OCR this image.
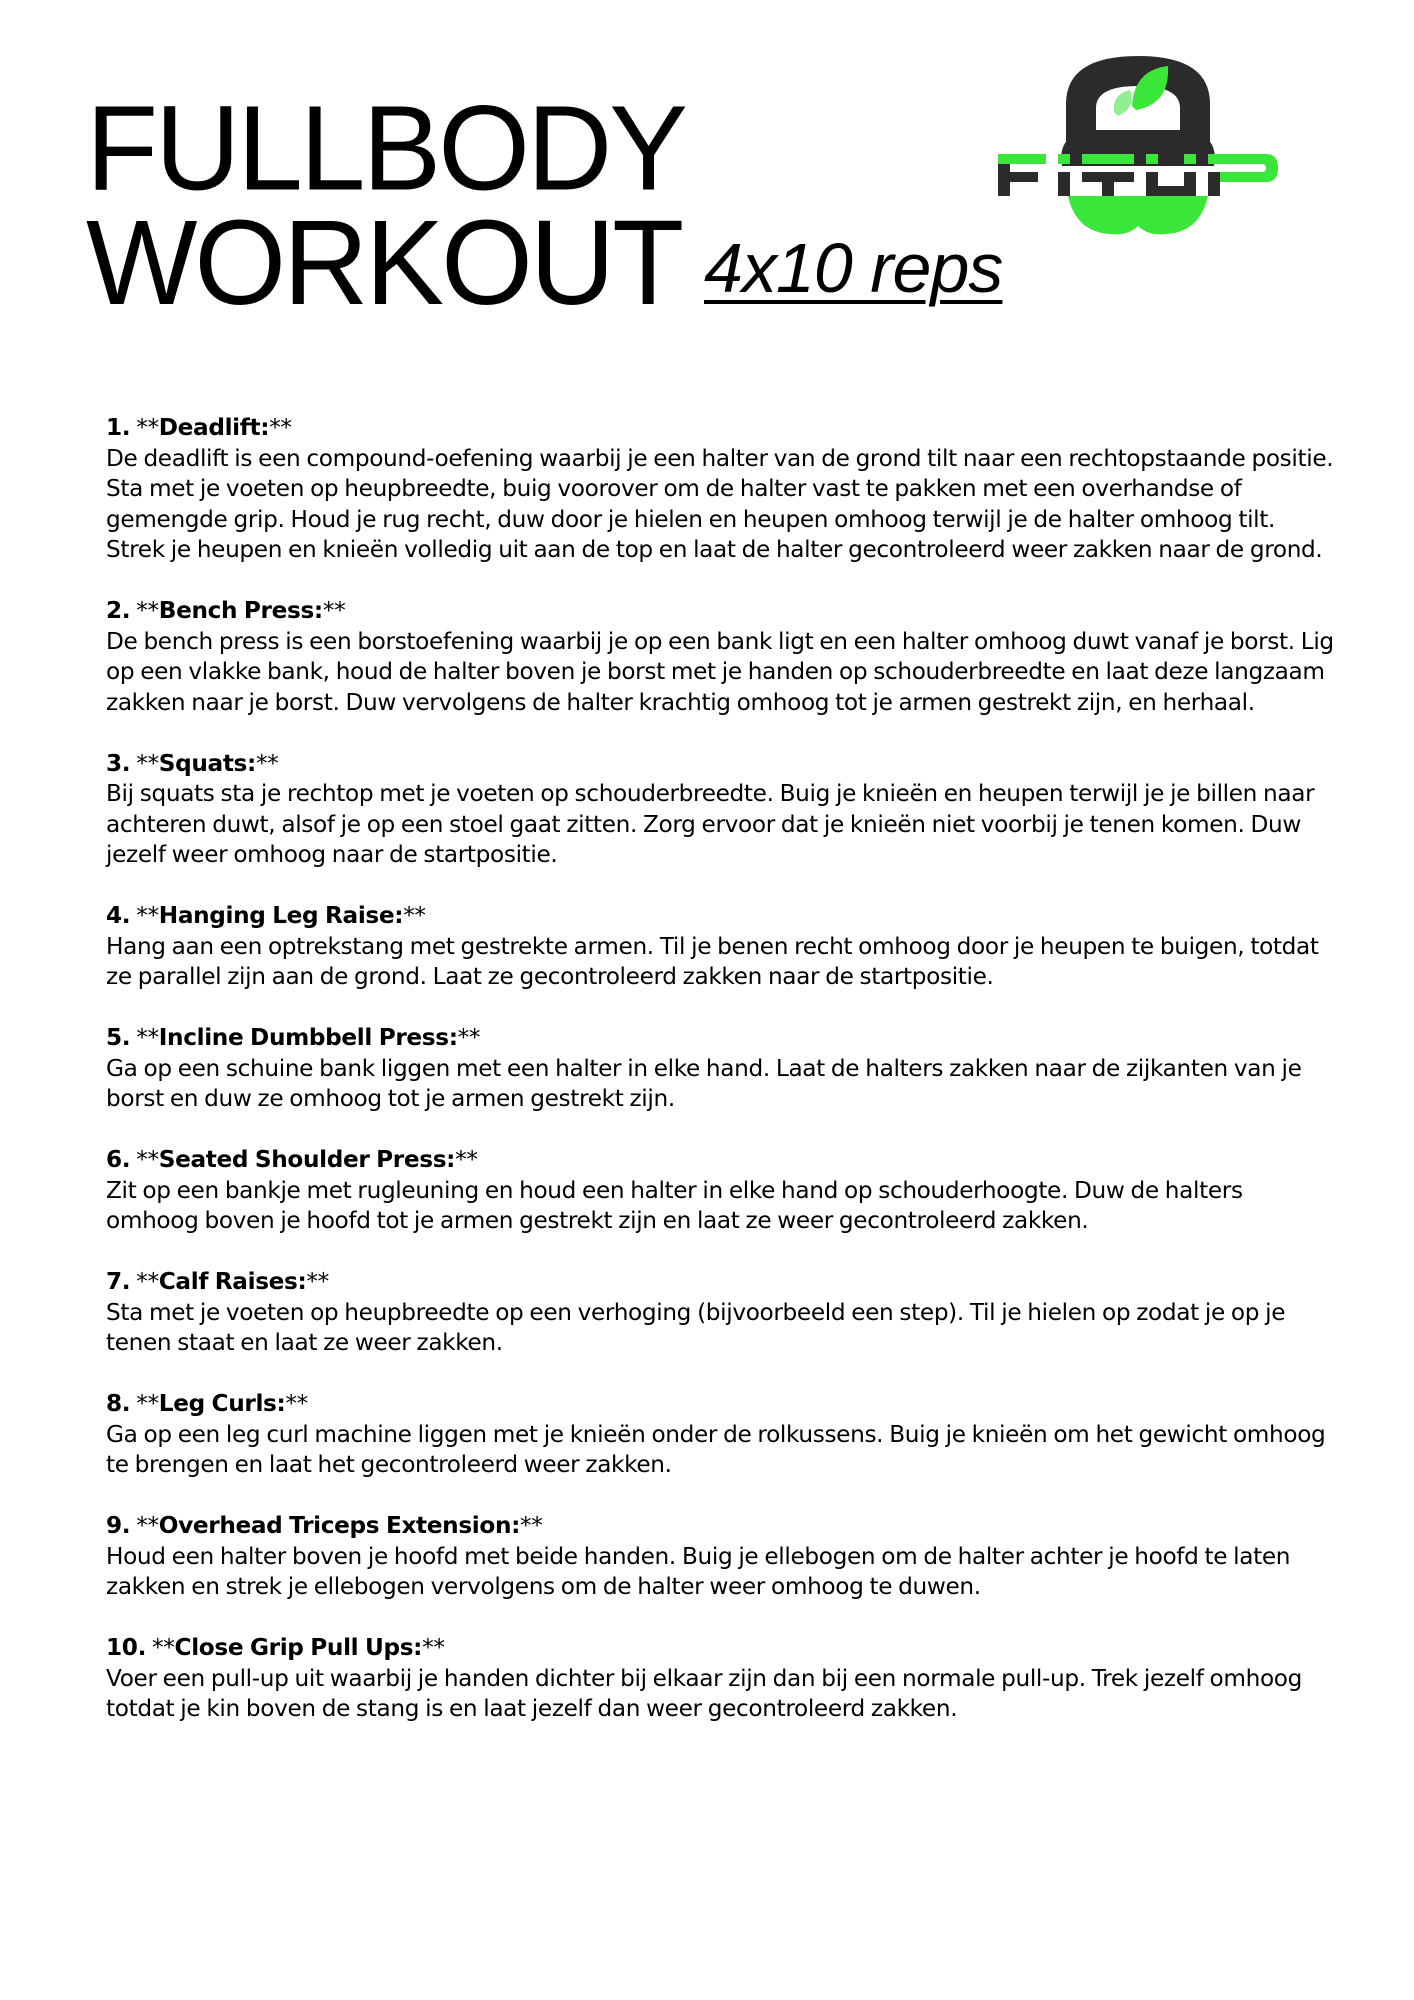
FULLBODY
WORKOUT 4x10 reps
1. **Deadlift:**
De deadlift is een compound-oefening waarbij je een halter van de grond tilt naar een rechtopstaande positie. Sta met je voeten op heupbreedte, buig voorover om de halter vast te pakken met een overhandse of gemengde grip. Houd je rug recht, duw door je hielen en heupen omhoog terwijl je de halter omhoog tilt. Strek je heupen en knieën volledig uit aan de top en laat de halter gecontroleerd weer zakken naar de grond.
2. **Bench Press:**
De bench press is een borstoefening waarbij je op een bank ligt en een halter omhoog duwt vanaf je borst. Lig op een vlakke bank, houd de halter boven je borst met je handen op schouderbreedte en laat deze langzaam zakken naar je borst. Duw vervolgens de halter krachtig omhoog tot je armen gestrekt zijn, en herhaal.
3. **Squats:**
Bij squats sta je rechtop met je voeten op schouderbreedte. Buig je knieën en heupen terwijl je je billen naar achteren duwt, alsof je op een stoel gaat zitten. Zorg ervoor dat je knieën niet voorbij je tenen komen. Duw jezelf weer omhoog naar de startpositie.
4. **Hanging Leg Raise:**
Hang aan een optrekstang met gestrekte armen. Til je benen recht omhoog door je heupen te buigen, totdat ze parallel zijn aan de grond. Laat ze gecontroleerd zakken naar de startpositie.
5. **Incline Dumbbell Press:**
Ga op een schuine bank liggen met een halter in elke hand. Laat de halters zakken naar de zijkanten van je borst en duw ze omhoog tot je armen gestrekt zijn.
6. **Seated Shoulder Press:**
Zit op een bankje met rugleuning en houd een halter in elke hand op schouderhoogte. Duw de halters omhoog boven je hoofd tot je armen gestrekt zijn en laat ze weer gecontroleerd zakken.
7. **Calf Raises:**
Sta met je voeten op heupbreedte op een verhoging (bijvoorbeeld een step). Til je hielen op zodat je op je tenen staat en laat ze weer zakken.
8. **Leg Curls:**
Ga op een leg curl machine liggen met je knieën onder de rolkussens. Buig je knieën om het gewicht omhoog te brengen en laat het gecontroleerd weer zakken.
9. **Overhead Triceps Extension:**
Houd een halter boven je hoofd met beide handen. Buig je ellebogen om de halter achter je hoofd te laten zakken en strek je ellebogen vervolgens om de halter weer omhoog te duwen.
10. **Close Grip Pull Ups:**
Voer een pull-up uit waarbij je handen dichter bij elkaar zijn dan bij een normale pull-up. Trek jezelf omhoog totdat je kin boven de stang is en laat jezelf dan weer gecontroleerd zakken.
